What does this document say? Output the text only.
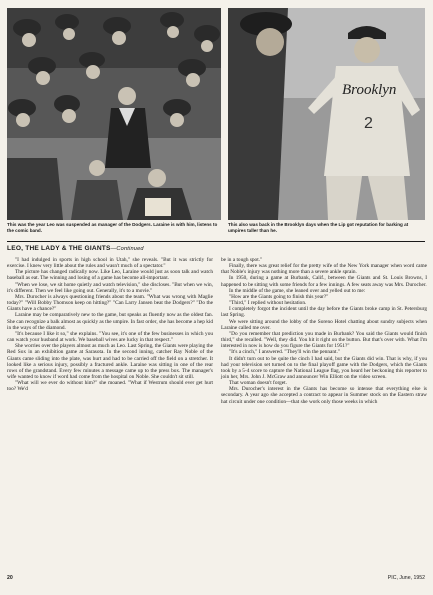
Brooklyn
2
This was the year Leo was suspended as manager of the Dodgers. Laraine is with him, listens to the comic band.
This also was back in the Brooklyn days when the Lip got reputation for barking at umpires taller than he.
LEO, THE LADY & THE GIANTS—Continued

"I had indulged in sports in high school in Utah," she reveals. "But it was strictly for exercise. I knew very little about the rules and wasn't much of a spectator."

The picture has changed radically now. Like Leo, Laraine would just as soon talk and watch baseball as eat. The winning and losing of a game has become all-important.

"When we lose, we sit home quietly and watch television," she discloses. "But when we win, it's different. Then we feel like going out. Generally, it's to a movie."

Mrs. Durocher is always questioning friends about the team. "What was wrong with Maglie today?" "Will Bobby Thomson keep on hitting?" "Can Larry Jansen beat the Dodgers?" "Do the Giants have a chance?"

Laraine may be comparatively new to the game, but speaks as fluently now as the oldest fan. She can recognize a balk almost as quickly as the umpire. In fast order, she has become a hep kid in the ways of the diamond.

"It's because I like it so," she explains. "You see, it's one of the few businesses in which you can watch your husband at work. We baseball wives are lucky in that respect."

She worries over the players almost as much as Leo. Last Spring, the Giants were playing the Red Sox in an exhibition game at Sarasota. In the second inning, catcher Ray Noble of the Giants came sliding into the plate, was hurt and had to be carried off the field on a stretcher. It looked like a serious injury, possibly a fractured ankle. Laraine was sitting in one of the rear rows of the grandstand. Every few minutes a message came up to the press box. The manager's wife wanted to know if word had come from the hospital on Noble. She couldn't sit still.

"What will we ever do without him?" she moaned. "What if Westrum should ever get hurt too? We'd

be in a tough spot."

Finally, there was great relief for the pretty wife of the New York manager when word came that Noble's injury was nothing more than a severe ankle sprain.

In 1950, during a game at Burbank, Calif., between the Giants and St. Louis Browns, I happened to be sitting with some friends for a few innings. A few seats away was Mrs. Durocher.

In the middle of the game, she leaned over and yelled out to me:

"How are the Giants going to finish this year?"

"Third," I replied without hesitation.

I completely forgot the incident until the day before the Giants broke camp in St. Petersburg last Spring.

We were sitting around the lobby of the Soreno Hotel chatting about sundry subjects when Laraine called me over.

"Do you remember that prediction you made in Burbank? You said the Giants would finish third," she recalled. "Well, they did. You hit it right on the button. But that's over with. What I'm interested in now is how do you figure the Giants for 1951?"

"It's a cinch," I answered. "They'll win the pennant."

It didn't turn out to be quite the cinch I had said, but the Giants did win. That is why, if you had your television set turned on to the final playoff game with the Dodgers, which the Giants took by a 5-4 score to capture the National League flag, you heard her beckoning this reporter to join her, Mrs. John J. McGraw and announcer Win Elliott on the video screen.

That woman doesn't forget.

Mrs. Durocher's interest in the Giants has become so intense that everything else is secondary. A year ago she accepted a contract to appear in Summer stock on the Eastern straw hat circuit under one condition—that she work only those weeks in which

20	PIC, June, 1952
